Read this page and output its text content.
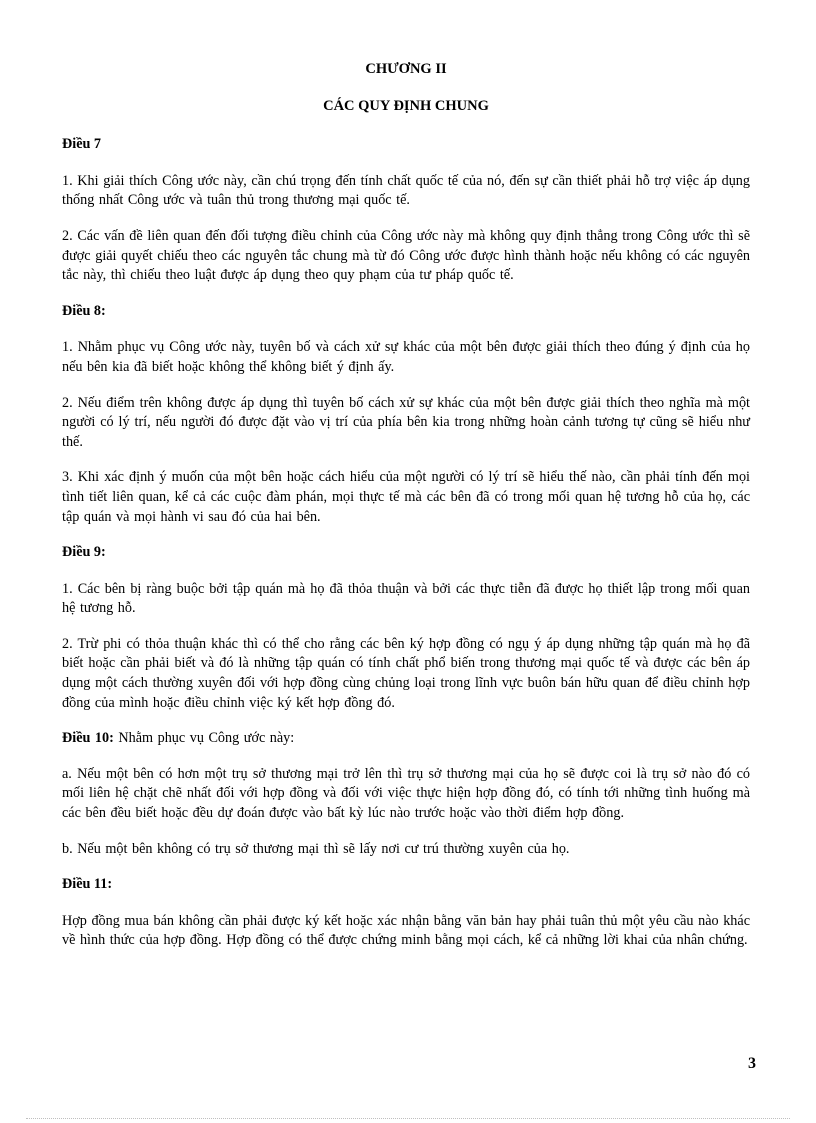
CHƯƠNG II
CÁC QUY ĐỊNH CHUNG
Điều 7

1. Khi giải thích Công ước này, cần chú trọng đến tính chất quốc tế của nó, đến sự cần thiết phải hỗ trợ việc áp dụng thống nhất Công ước và tuân thủ trong thương mại quốc tế.

2. Các vấn đề liên quan đến đối tượng điều chỉnh của Công ước này mà không quy định thẳng trong Công ước thì sẽ được giải quyết chiếu theo các nguyên tắc chung mà từ đó Công ước được hình thành hoặc nếu không có các nguyên tắc này, thì chiếu theo luật được áp dụng theo quy phạm của tư pháp quốc tế.

Điều 8:

1. Nhằm phục vụ Công ước này, tuyên bố và cách xử sự khác của một bên được giải thích theo đúng ý định của họ nếu bên kia đã biết hoặc không thể không biết ý định ấy.

2. Nếu điểm trên không được áp dụng thì tuyên bố cách xử sự khác của một bên được giải thích theo nghĩa mà một người có lý trí, nếu người đó được đặt vào vị trí của phía bên kia trong những hoàn cảnh tương tự cũng sẽ hiểu như thế.

3. Khi xác định ý muốn của một bên hoặc cách hiểu của một người có lý trí sẽ hiểu thế nào, cần phải tính đến mọi tình tiết liên quan, kể cả các cuộc đàm phán, mọi thực tế mà các bên đã có trong mối quan hệ tương hỗ của họ, các tập quán và mọi hành vi sau đó của hai bên.

Điều 9:

1. Các bên bị ràng buộc bởi tập quán mà họ đã thỏa thuận và bởi các thực tiễn đã được họ thiết lập trong mối quan hệ tương hỗ.

2. Trừ phi có thỏa thuận khác thì có thể cho rằng các bên ký hợp đồng có ngụ ý áp dụng những tập quán mà họ đã biết hoặc cần phải biết và đó là những tập quán có tính chất phổ biến trong thương mại quốc tế và được các bên áp dụng một cách thường xuyên đối với hợp đồng cùng chủng loại trong lĩnh vực buôn bán hữu quan để điều chỉnh hợp đồng của mình hoặc điều chỉnh việc ký kết hợp đồng đó.

Điều 10: Nhằm phục vụ Công ước này:

a. Nếu một bên có hơn một trụ sở thương mại trở lên thì trụ sở thương mại của họ sẽ được coi là trụ sở nào đó có mối liên hệ chặt chẽ nhất đối với hợp đồng và đối với việc thực hiện hợp đồng đó, có tính tới những tình huống mà các bên đều biết hoặc đều dự đoán được vào bất kỳ lúc nào trước hoặc vào thời điểm hợp đồng.

b. Nếu một bên không có trụ sở thương mại thì sẽ lấy nơi cư trú thường xuyên của họ.

Điều 11:

Hợp đồng mua bán không cần phải được ký kết hoặc xác nhận bằng văn bản hay phải tuân thủ một yêu cầu nào khác về hình thức của hợp đồng. Hợp đồng có thể được chứng minh bằng mọi cách, kể cả những lời khai của nhân chứng.

3
